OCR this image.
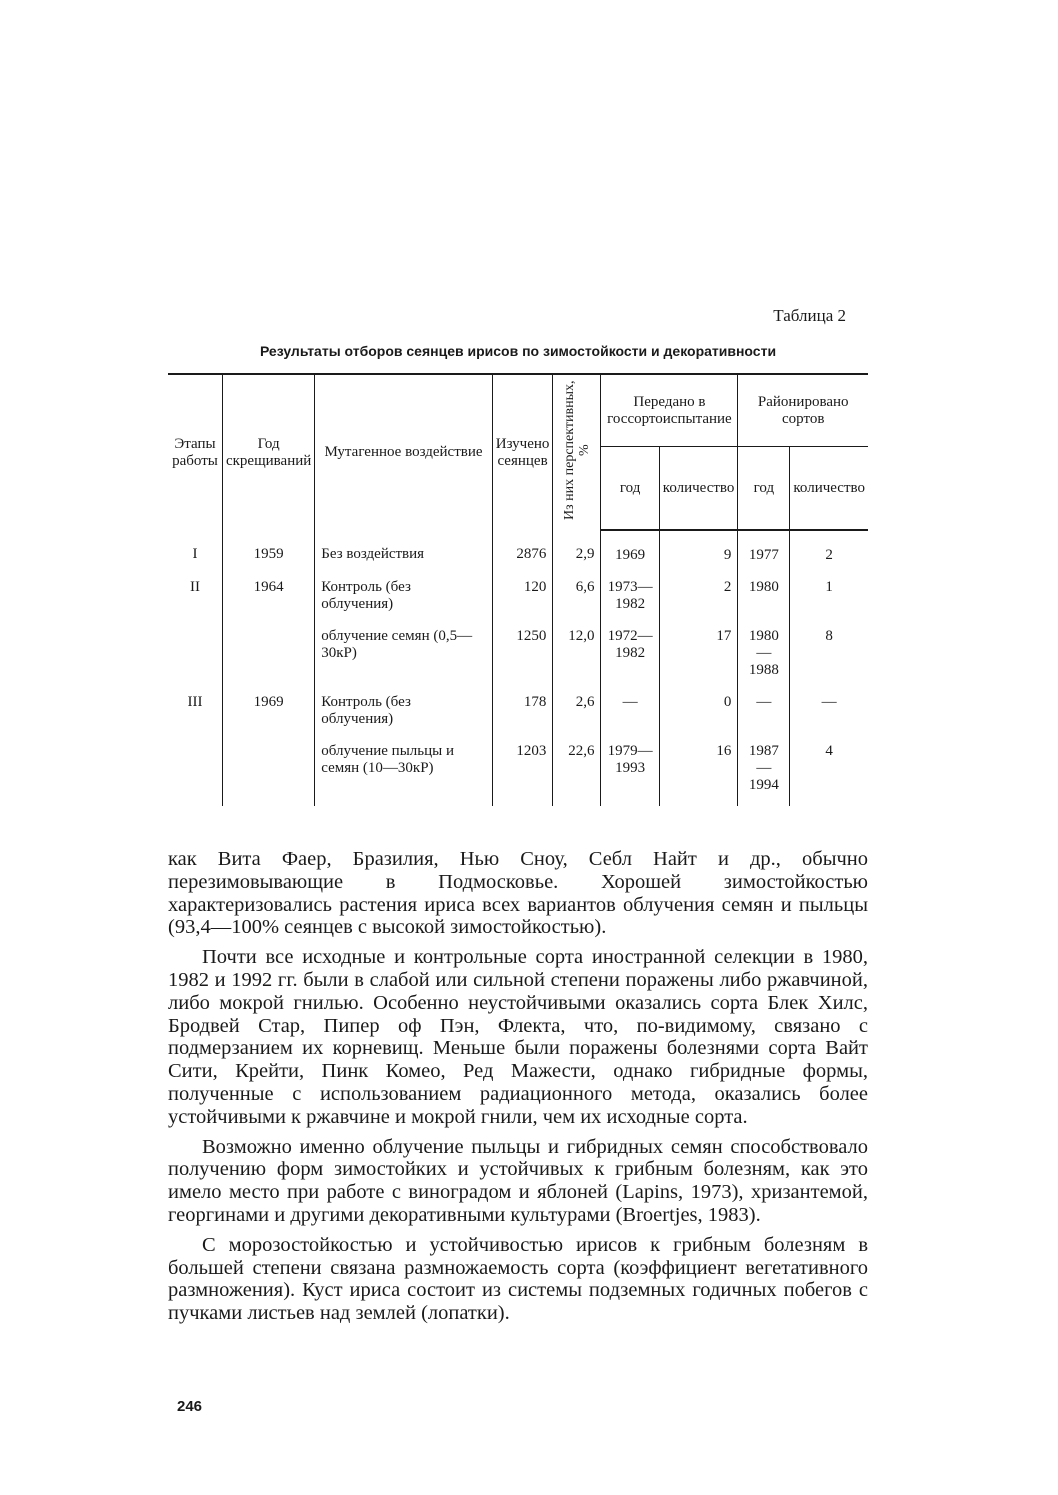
Таблица 2
Результаты отборов сеянцев ирисов по зимостойкости и декоративности
Этапы работы	Год скрещиваний	Мутагенное воздействие	Изучено сеянцев	Из них перспективных, %	Передано в госсортоиспытание		Районировано сортов	
					год	количество	год	количество
I	1959	Без воздействия	2876	2,9	1969	9	1977	2
II	1964	Контроль (без облучения)	120	6,6	1973—1982	2	1980	1
		облучение семян (0,5—30кР)	1250	12,0	1972—1982	17	1980—1988	8
III	1969	Контроль (без облучения)	178	2,6	—	0	—	—
		облучение пыльцы и семян (10—30кР)	1203	22,6	1979—1993	16	1987—1994	4

как Вита Фаер, Бразилия, Нью Сноу, Себл Найт и др., обычно перезимовывающие в Подмосковье. Хорошей зимостойкостью характеризовались растения ириса всех вариантов облучения семян и пыльцы (93,4—100% сеянцев с высокой зимостойкостью).

Почти все исходные и контрольные сорта иностранной селекции в 1980, 1982 и 1992 гг. были в слабой или сильной степени поражены либо ржавчиной, либо мокрой гнилью. Особенно неустойчивыми оказались сорта Блек Хилс, Бродвей Стар, Пипер оф Пэн, Флекта, что, по-видимому, связано с подмерзанием их корневищ. Меньше были поражены болезнями сорта Вайт Сити, Крейти, Пинк Комео, Ред Мажести, однако гибридные формы, полученные с использованием радиационного метода, оказались более устойчивыми к ржавчине и мокрой гнили, чем их исходные сорта.

Возможно именно облучение пыльцы и гибридных семян способствовало получению форм зимостойких и устойчивых к грибным болезням, как это имело место при работе с виноградом и яблоней (Lapins, 1973), хризантемой, георгинами и другими декоративными культурами (Broertjes, 1983).

С морозостойкостью и устойчивостью ирисов к грибным болезням в большей степени связана размножаемость сорта (коэффициент вегетативного размножения). Куст ириса состоит из системы подземных годичных побегов с пучками листьев над землей (лопатки).

246
